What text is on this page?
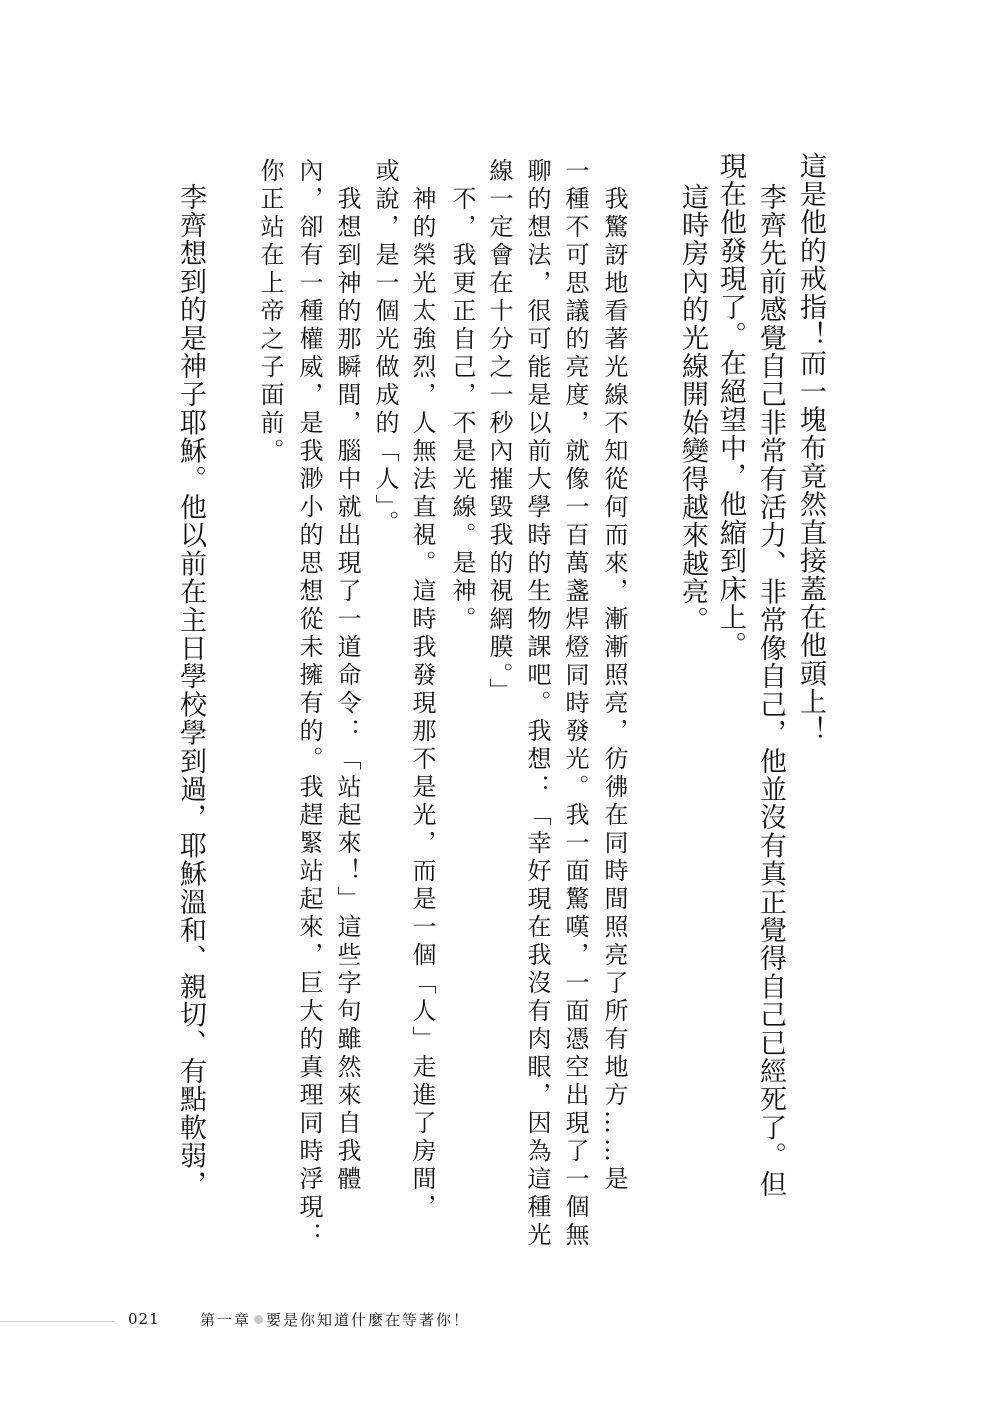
這是他的戒指！而一塊布竟然直接蓋在他頭上！
李齊先前感覺自己非常有活力、非常像自己，他並沒有真正覺得自己已經死了。但
現在他發現了。在絕望中，他縮到床上。
這時房內的光線開始變得越來越亮。
我驚訝地看著光線不知從何而來，漸漸照亮，彷彿在同時間照亮了所有地方……是
一種不可思議的亮度，就像一百萬盞焊燈同時發光。我一面驚嘆，一面憑空出現了一個無
聊的想法，很可能是以前大學時的生物課吧。我想：「幸好現在我沒有肉眼，因為這種光
線一定會在十分之一秒內摧毀我的視網膜。」
不，我更正自己，不是光線。是神。
神的榮光太強烈，人無法直視。這時我發現那不是光，而是一個「人」走進了房間，
或說，是一個光做成的「人」。
我想到神的那瞬間，腦中就出現了一道命令：「站起來！」這些字句雖然來自我體
內，卻有一種權威，是我渺小的思想從未擁有的。我趕緊站起來，巨大的真理同時浮現：
你正站在上帝之子面前。
李齊想到的是神子耶穌。他以前在主日學校學到過，耶穌溫和、親切、有點軟弱，
021	第一章 要是你知道什麼在等著你！
